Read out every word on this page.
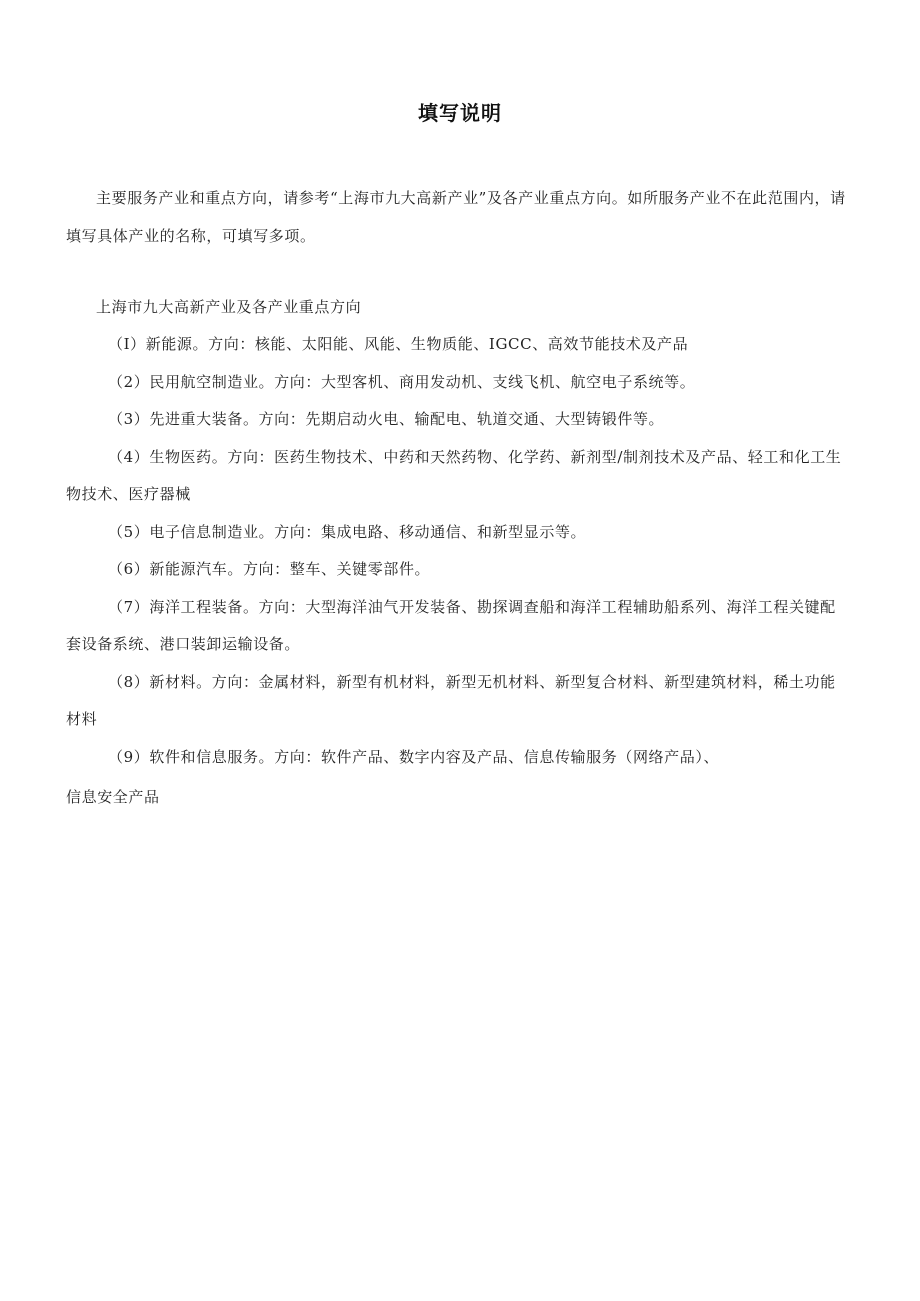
填写说明
主要服务产业和重点方向，请参考“上海市九大高新产业”及各产业重点方向。如所服务产业不在此范围内，请填写具体产业的名称，可填写多项。
上海市九大高新产业及各产业重点方向
（I）新能源。方向：核能、太阳能、风能、生物质能、IGCC、高效节能技术及产品
（2）民用航空制造业。方向：大型客机、商用发动机、支线飞机、航空电子系统等。
（3）先进重大装备。方向：先期启动火电、输配电、轨道交通、大型铸锻件等。
（4）生物医药。方向：医药生物技术、中药和天然药物、化学药、新剂型/制剂技术及产品、轻工和化工生物技术、医疗器械
（5）电子信息制造业。方向：集成电路、移动通信、和新型显示等。
（6）新能源汽车。方向：整车、关键零部件。
（7）海洋工程装备。方向：大型海洋油气开发装备、勘探调查船和海洋工程辅助船系列、海洋工程关键配套设备系统、港口装卸运输设备。
（8）新材料。方向：金属材料，新型有机材料，新型无机材料、新型复合材料、新型建筑材料，稀土功能材料
（9）软件和信息服务。方向：软件产品、数字内容及产品、信息传输服务（网络产品）、
信息安全产品
